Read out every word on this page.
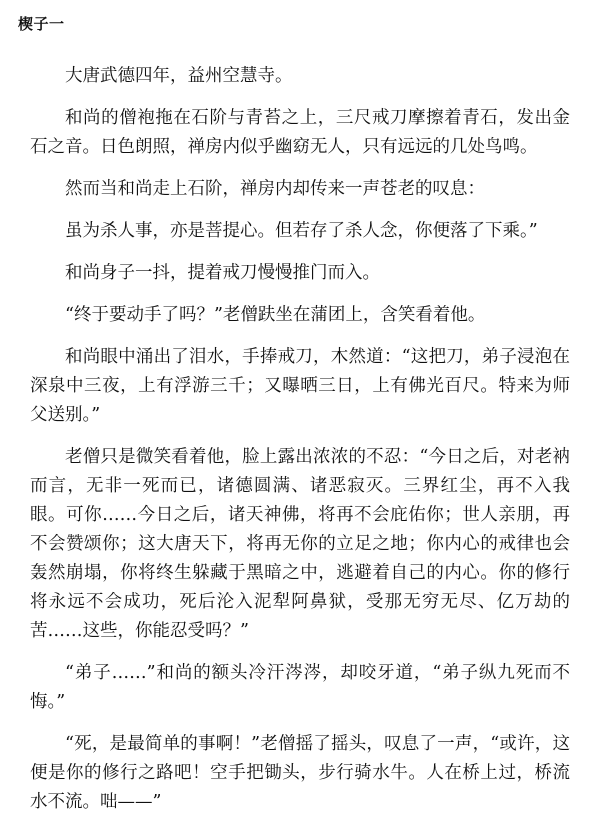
楔子一

大唐武德四年，益州空慧寺。

和尚的僧袍拖在石阶与青苔之上，三尺戒刀摩擦着青石，发出金石之音。日色朗照，禅房内似乎幽窈无人，只有远远的几处鸟鸣。

然而当和尚走上石阶，禅房内却传来一声苍老的叹息：

虽为杀人事，亦是菩提心。但若存了杀人念，你便落了下乘。”

和尚身子一抖，提着戒刀慢慢推门而入。

“终于要动手了吗？”老僧趺坐在蒲团上，含笑看着他。

和尚眼中涌出了泪水，手捧戒刀，木然道：“这把刀，弟子浸泡在深泉中三夜，上有浮游三千；又曝晒三日，上有佛光百尺。特来为师父送别。”

老僧只是微笑看着他，脸上露出浓浓的不忍：“今日之后，对老衲而言，无非一死而已，诸德圆满、诸恶寂灭。三界红尘，再不入我眼。可你……今日之后，诸天神佛，将再不会庇佑你；世人亲朋，再不会赞颂你；这大唐天下，将再无你的立足之地；你内心的戒律也会轰然崩塌，你将终生躲藏于黑暗之中，逃避着自己的内心。你的修行将永远不会成功，死后沦入泥犁阿鼻狱，受那无穷无尽、亿万劫的苦……这些，你能忍受吗？”

“弟子……”和尚的额头冷汗涔涔，却咬牙道，“弟子纵九死而不悔。”

“死，是最简单的事啊！”老僧摇了摇头，叹息了一声，“或许，这便是你的修行之路吧！空手把锄头，步行骑水牛。人在桥上过，桥流水不流。咄——”
